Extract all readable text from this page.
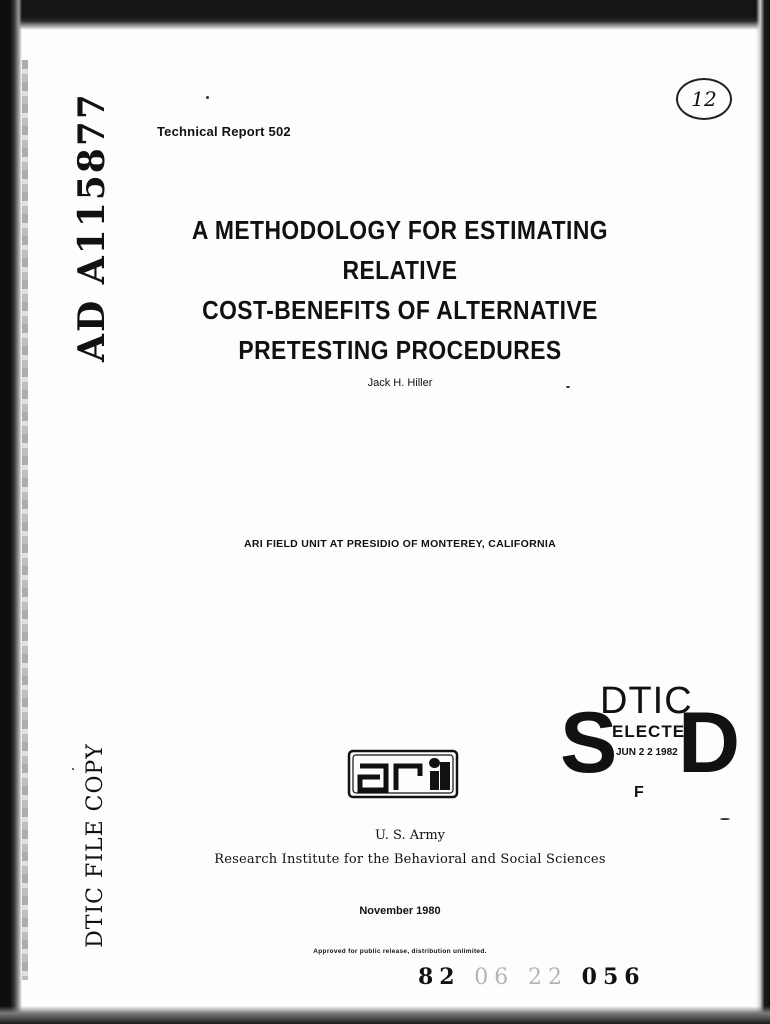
AD A115877	12
Technical Report 502
A METHODOLOGY FOR ESTIMATING RELATIVE
COST-BENEFITS OF ALTERNATIVE
PRETESTING PROCEDURES
Jack H. Hiller
ARI FIELD UNIT AT PRESIDIO OF MONTEREY, CALIFORNIA
DTIC
S
ELECTE
JUN 2 2 1982 D
F
DTIC FILE COPY	U. S. Army
Research Institute for the Behavioral and Social Sciences
November 1980
Approved for public release, distribution unlimited.
82 06 22 056
